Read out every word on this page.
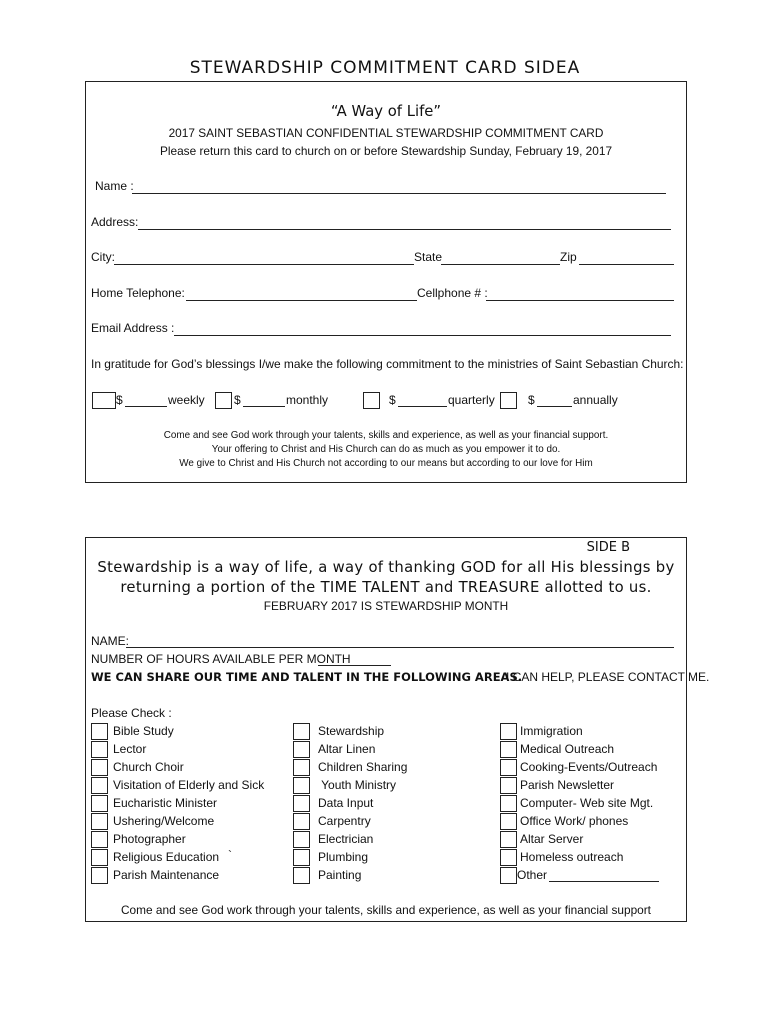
STEWARDSHIP COMMITMENT CARD SIDEA
“A Way of Life”
2017 SAINT SEBASTIAN CONFIDENTIAL STEWARDSHIP COMMITMENT CARD
Please return this card to church on or before Stewardship Sunday, February 19, 2017
Name :
Address:
City:	State	Zip
Home Telephone:	Cellphone # :
Email Address :
In gratitude for God’s blessings I/we make the following commitment to the ministries of Saint Sebastian Church:
$	weekly $	monthly	$	quarterly	$	annually
Come and see God work through your talents, skills and experience, as well as your financial support.
Your offering to Christ and His Church can do as much as you empower it to do.
We give to Christ and His Church not according to our means but according to our love for Him
SIDE B
Stewardship is a way of life, a way of thanking GOD for all His blessings by
returning a portion of the TIME TALENT and TREASURE allotted to us.
FEBRUARY 2017 IS STEWARDSHIP MONTH
NAME:
NUMBER OF HOURS AVAILABLE PER MONTH
WE CAN SHARE OUR TIME AND TALENT IN THE FOLLOWING AREAS.
I CAN HELP, PLEASE CONTACT ME.
Please Check :
Bible Study
Lector
Church Choir
Visitation of Elderly and Sick
Eucharistic Minister
Ushering/Welcome
Photographer
Religious Education `
Parish Maintenance
Stewardship
Altar Linen
Children Sharing
Youth Ministry
Data Input
Carpentry
Electrician
Plumbing
Painting
Immigration
Medical Outreach
Cooking-Events/Outreach
Parish Newsletter
Computer- Web site Mgt.
Office Work/ phones
Altar Server
Homeless outreach
Other
Come and see God work through your talents, skills and experience, as well as your financial support
